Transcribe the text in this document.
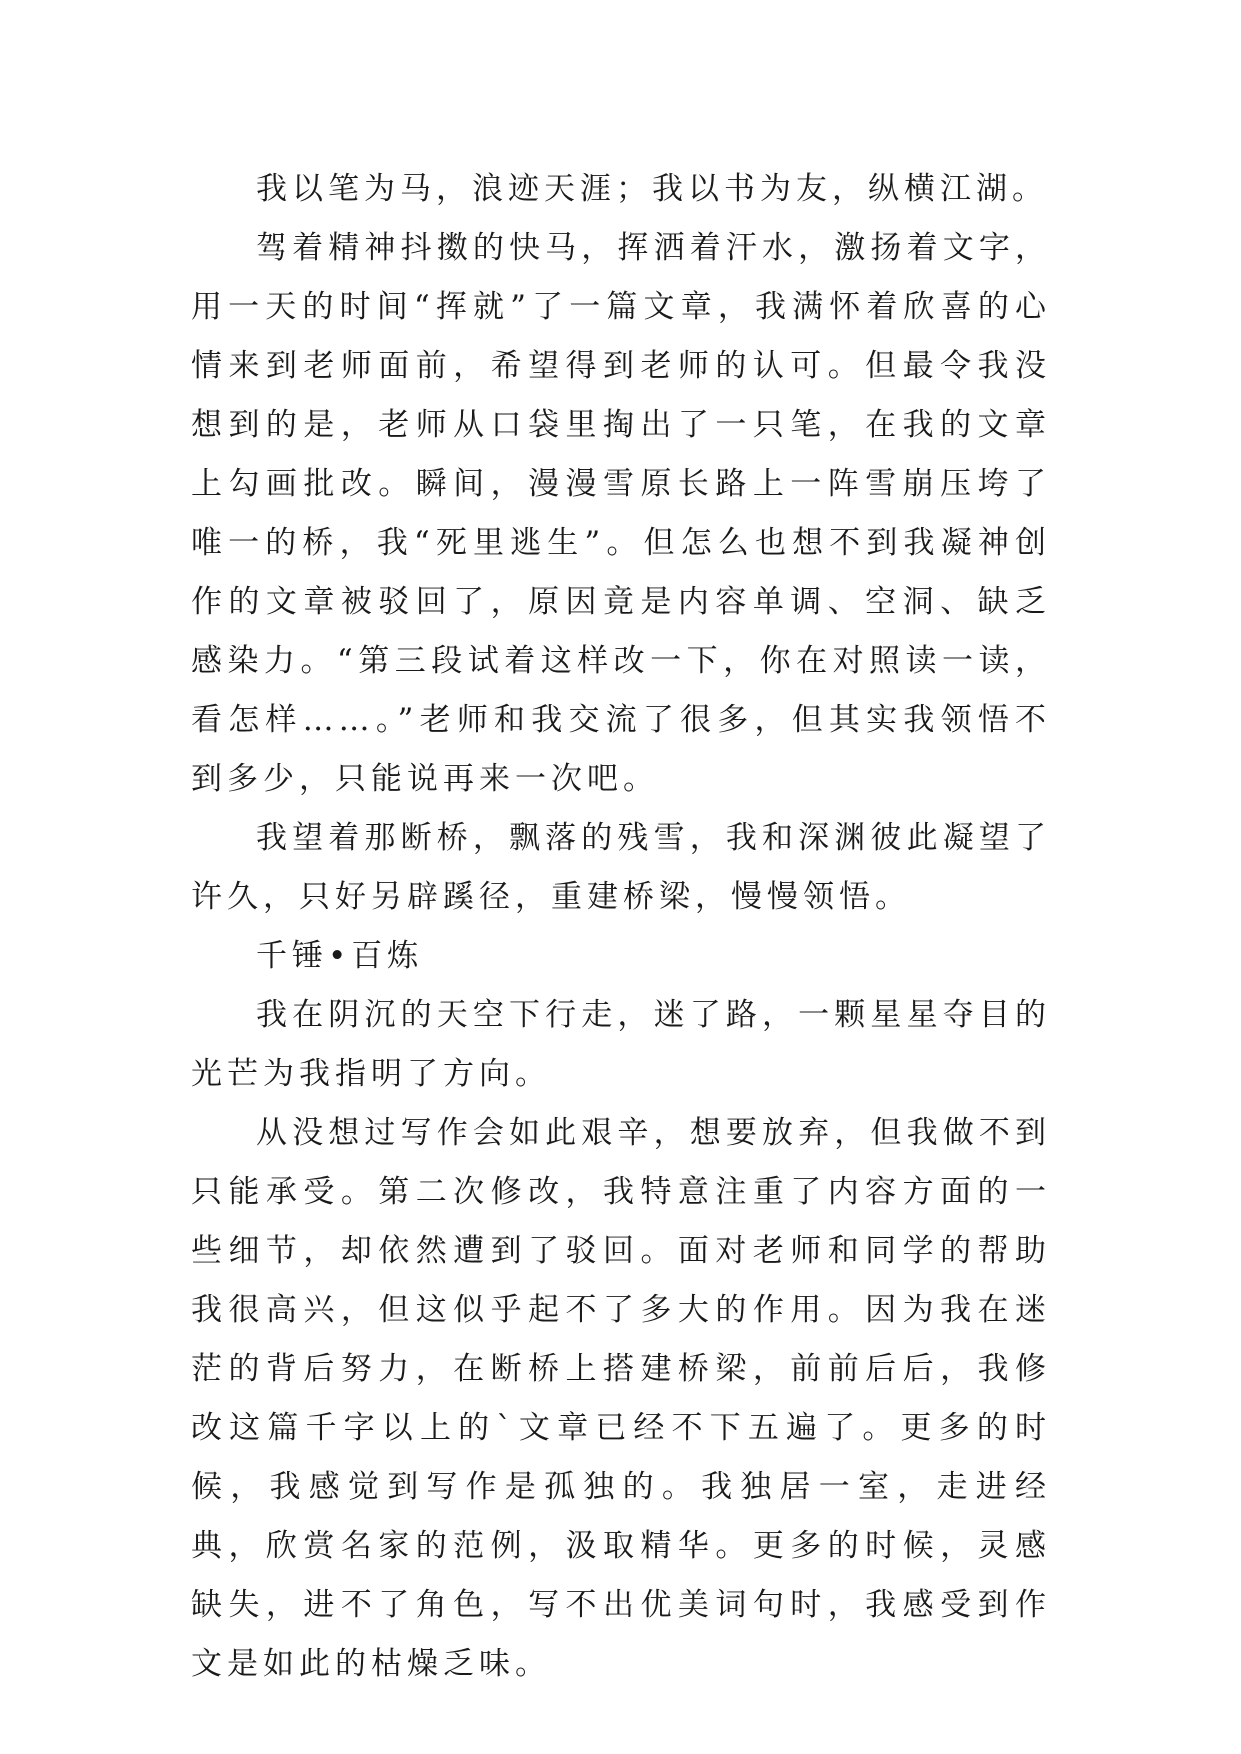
我以笔为马，浪迹天涯；我以书为友，纵横江湖。

驾着精神抖擞的快马，挥洒着汗水，激扬着文字，用一天的时间“挥就”了一篇文章，我满怀着欣喜的心情来到老师面前，希望得到老师的认可。但最令我没想到的是，老师从口袋里掏出了一只笔，在我的文章上勾画批改。瞬间，漫漫雪原长路上一阵雪崩压垮了唯一的桥，我“死里逃生”。但怎么也想不到我凝神创作的文章被驳回了，原因竟是内容单调、空洞、缺乏感染力。“第三段试着这样改一下，你在对照读一读，看怎样……。”老师和我交流了很多，但其实我领悟不到多少，只能说再来一次吧。

我望着那断桥，飘落的残雪，我和深渊彼此凝望了许久，只好另辟蹊径，重建桥梁，慢慢领悟。

千锤•百炼

我在阴沉的天空下行走，迷了路，一颗星星夺目的光芒为我指明了方向。

从没想过写作会如此艰辛，想要放弃，但我做不到只能承受。第二次修改，我特意注重了内容方面的一些细节，却依然遭到了驳回。面对老师和同学的帮助我很高兴，但这似乎起不了多大的作用。因为我在迷茫的背后努力，在断桥上搭建桥梁，前前后后，我修改这篇千字以上的`文章已经不下五遍了。更多的时候，我感觉到写作是孤独的。我独居一室，走进经典，欣赏名家的范例，汲取精华。更多的时候，灵感缺失，进不了角色，写不出优美词句时，我感受到作文是如此的枯燥乏味。
